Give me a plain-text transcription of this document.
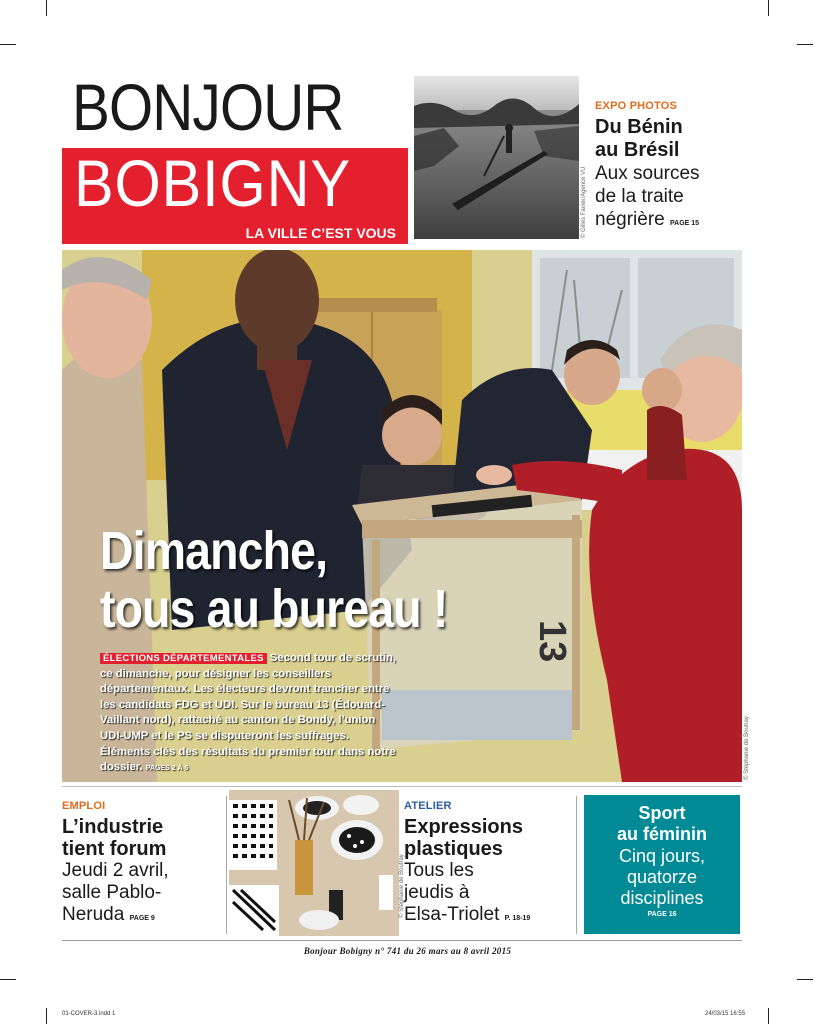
BONJOUR
BOBIGNY
LA VILLE C’EST VOUS	© Gilles Favier/Agence VU
EXPO PHOTOS
Du Bénin
au Brésil
Aux sources
de la traite
négrière PAGE 15
13
© Stéphanie de Boutray
Dimanche,
tous au bureau !
ÉLECTIONS DÉPARTEMENTALES Second tour de scrutin, ce dimanche, pour désigner les conseillers départementaux. Les électeurs devront trancher entre les candidats FDG et UDI. Sur le bureau 13 (Édouard-Vaillant nord), rattaché au canton de Bondy, l’union UDI-UMP et le PS se disputeront les suffrages. Éléments clés des résultats du premier tour dans notre dossier. PAGES 2 À 5
EMPLOI
L’industrie
tient forum
Jeudi 2 avril,
salle Pablo-
Neruda PAGE 9
© Stéphanie de Boutray
ATELIER
Expressions
plastiques
Tous les
jeudis à
Elsa-Triolet P. 18-19
Sport
au féminin
Cinq jours,
quatorze
disciplines
PAGE 16
Bonjour Bobigny n° 741 du 26 mars au 8 avril 2015
01-COVER-3.indd 1	24/03/15 16:55
